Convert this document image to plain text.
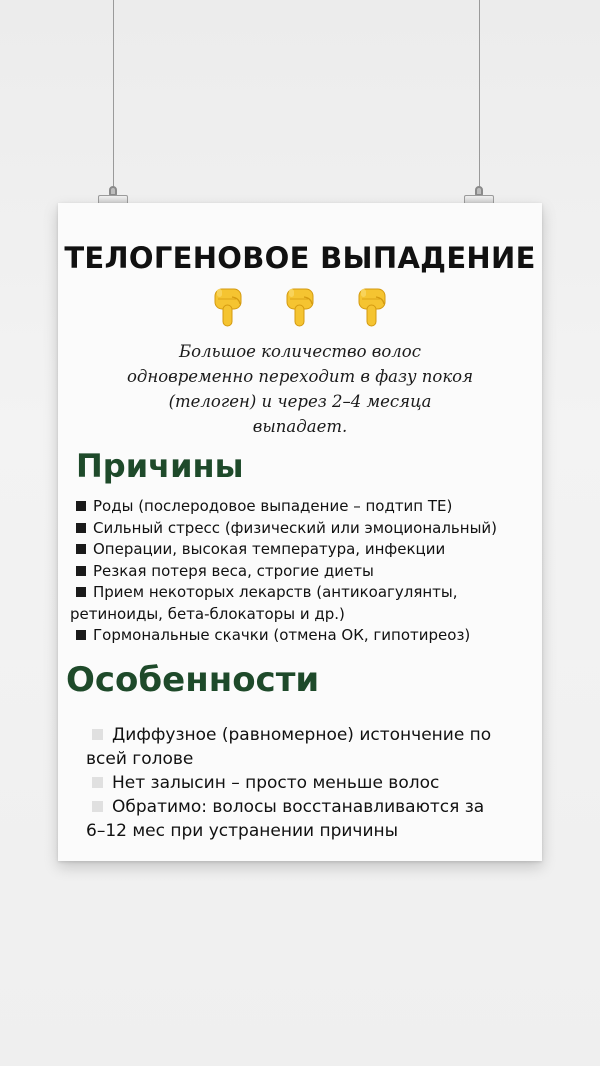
ТЕЛОГЕНОВОЕ ВЫПАДЕНИЕ
Большое количество волос
одновременно переходит в фазу покоя
(телоген) и через 2–4 месяца
выпадает.
Причины
Роды (послеродовое выпадение – подтип ТЕ)
Сильный стресс (физический или эмоциональный)
Операции, высокая температура, инфекции
Резкая потеря веса, строгие диеты
Прием некоторых лекарств (антикоагулянты,
ретиноиды, бета-блокаторы и др.)
Гормональные скачки (отмена ОК, гипотиреоз)
Особенности
Диффузное (равномерное) истончение по
всей голове
Нет залысин – просто меньше волос
Обратимо: волосы восстанавливаются за
6–12 мес при устранении причины
